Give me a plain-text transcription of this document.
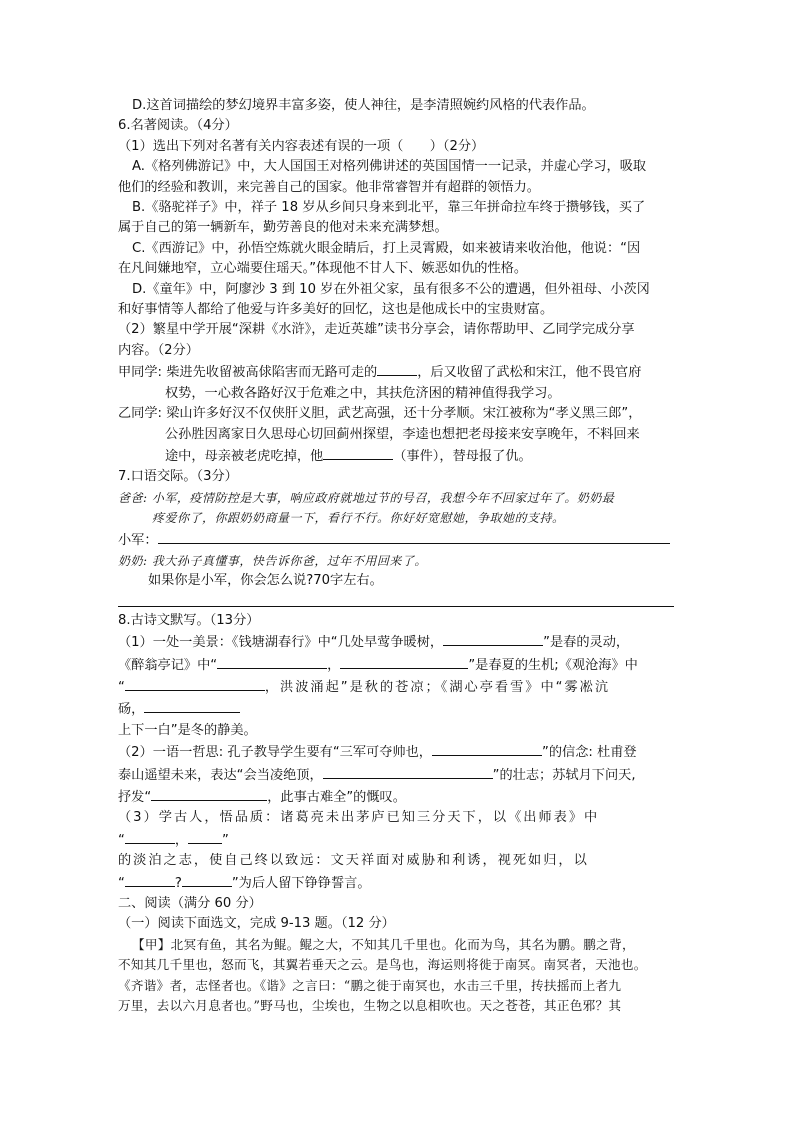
D.这首词描绘的梦幻境界丰富多姿，使人神往，是李清照婉约风格的代表作品。

6.名著阅读。（4分）

（1）选出下列对名著有关内容表述有误的一项（　　）（2分）

A.《格列佛游记》中，大人国国王对格列佛讲述的英国国情一一记录，并虚心学习，吸取

他们的经验和教训，来完善自己的国家。他非常睿智并有超群的领悟力。

B.《骆驼祥子》中，祥子 18 岁从乡间只身来到北平，靠三年拼命拉车终于攒够钱，买了

属于自己的第一辆新车，勤劳善良的他对未来充满梦想。

C.《西游记》中，孙悟空炼就火眼金睛后，打上灵霄殿，如来被请来收治他，他说：“因

在凡间嫌地窄，立心端要住瑶天。”体现他不甘人下、嫉恶如仇的性格。

D.《童年》中，阿廖沙 3 到 10 岁在外祖父家，虽有很多不公的遭遇，但外祖母、小茨冈

和好事情等人都给了他爱与许多美好的回忆，这也是他成长中的宝贵财富。

（2）繁星中学开展“深耕《水浒》，走近英雄”读书分享会，请你帮助甲、乙同学完成分享

内容。（2分）

甲同学: 柴进先收留被高俅陷害而无路可走的	，后又收留了武松和宋江，他不畏官府

权势，一心救各路好汉于危难之中，其扶危济困的精神值得我学习。

乙同学: 梁山许多好汉不仅侠肝义胆，武艺高强，还十分孝顺。宋江被称为“孝义黑三郎”，

公孙胜因离家日久思母心切回蓟州探望，李逵也想把老母接来安享晚年，不料回来

途中，母亲被老虎吃掉，他	（事件），替母报了仇。

7.口语交际。（3分）

爸爸: 小军，疫情防控是大事，响应政府就地过节的号召，我想今年不回家过年了。奶奶最

疼爱你了，你跟奶奶商量一下，看行不行。你好好宽慰她，争取她的支持。

小军：

奶奶: 我大孙子真懂事，快告诉你爸，过年不用回来了。

如果你是小军，你会怎么说?70字左右。

8.古诗文默写。（13分）

（1）一处一美景：《钱塘湖春行》中“几处早莺争暖树，	”是春的灵动，

《醉翁亭记》中“	，	”是春夏的生机;《观沧海》中

“	，洪波涌起”是秋的苍凉；《湖心亭看雪》中“雾凇沆

砀，

上下一白”是冬的静美。

（2）一语一哲思: 孔子教导学生要有“三军可夺帅也，	”的信念: 杜甫登

泰山遥望未来，表达“会当凌绝顶，	”的壮志；苏轼月下问天,

抒发“	，此事古难全”的慨叹。

（3）学古人，悟品质：诸葛亮未出茅庐已知三分天下，以《出师表》中

“	，	”

的淡泊之志，使自己终以致远：文天祥面对威胁和利诱，视死如归，以

“	?	”为后人留下铮铮誓言。

二、阅读（满分 60 分）

（一）阅读下面选文，完成 9-13 题。（12 分）

【甲】北冥有鱼，其名为鲲。鲲之大，不知其几千里也。化而为鸟，其名为鹏。鹏之背，

不知其几千里也，怒而飞，其翼若垂天之云。是鸟也，海运则将徙于南冥。南冥者，天池也。

《齐谐》者，志怪者也。《谐》之言曰：“鹏之徙于南冥也，水击三千里，抟扶摇而上者九

万里，去以六月息者也。”野马也，尘埃也，生物之以息相吹也。天之苍苍，其正色邪？其
